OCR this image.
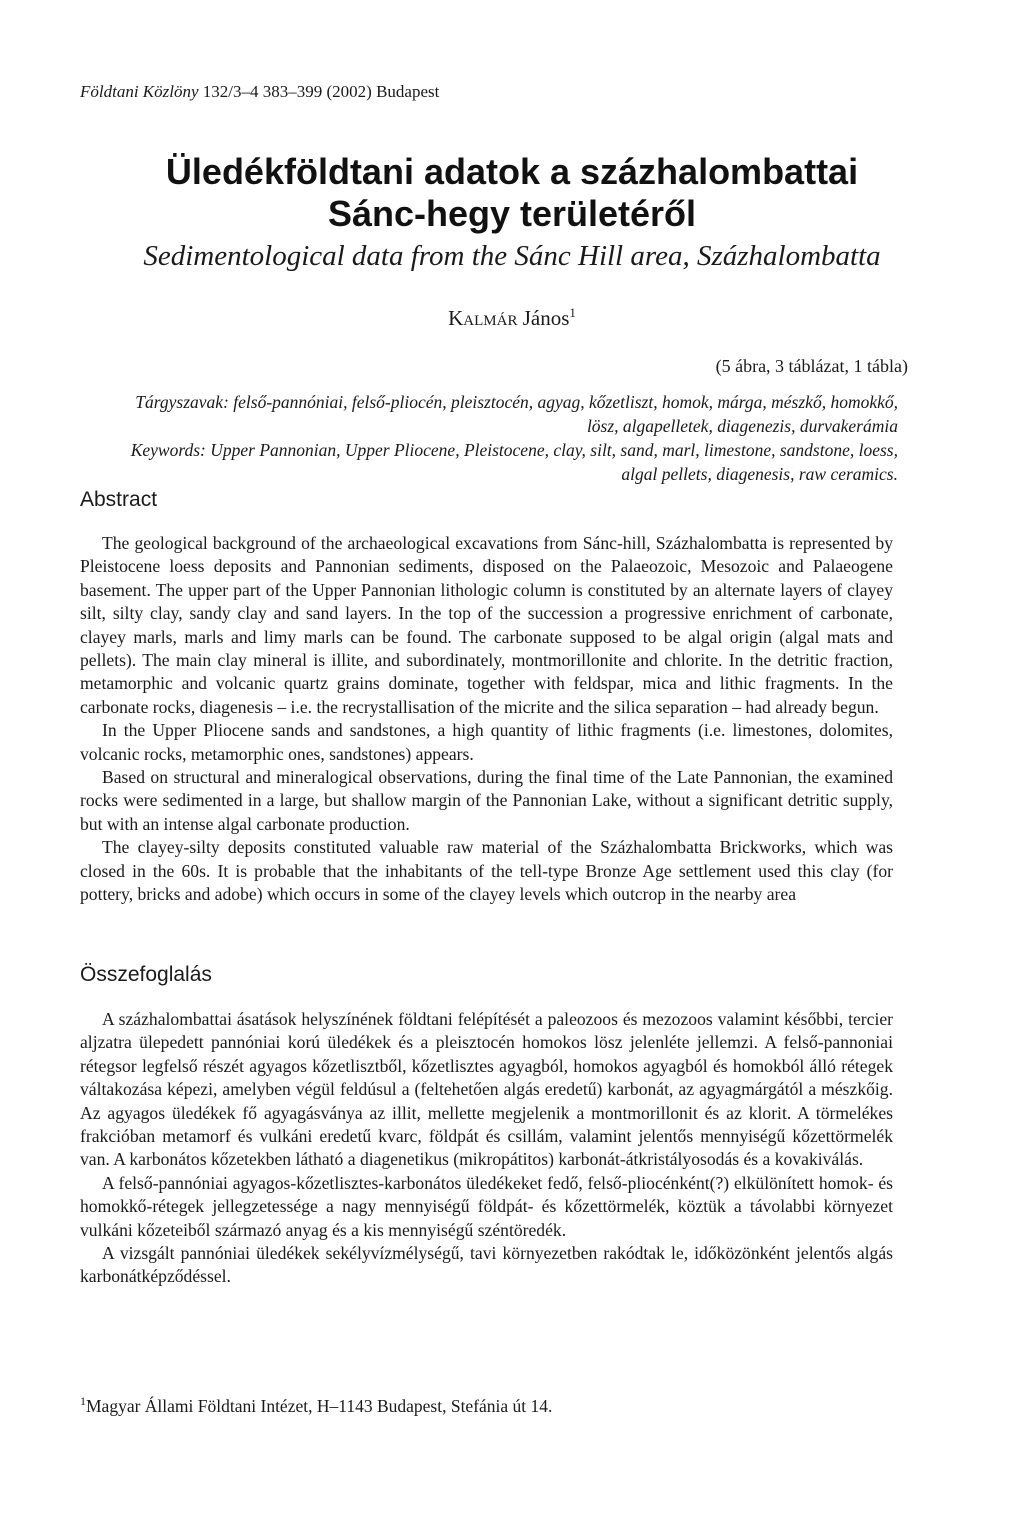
Földtani Közlöny 132/3–4 383–399 (2002) Budapest
Üledékföldtani adatok a százhalombattai
Sánc-hegy területéről
Sedimentological data from the Sánc Hill area, Százhalombatta
Kalmár János$^1$
(5 ábra, 3 táblázat, 1 tábla)
Tárgyszavak: felső-pannóniai, felső-pliocén, pleisztocén, agyag, kőzetliszt, homok, márga, mészkő, homokkő,
lösz, algapelletek, diagenezis, durvakerámia
Keywords: Upper Pannonian, Upper Pliocene, Pleistocene, clay, silt, sand, marl, limestone, sandstone, loess,
algal pellets, diagenesis, raw ceramics.
Abstract

The geological background of the archaeological excavations from Sánc-hill, Százhalombatta is represented by Pleistocene loess deposits and Pannonian sediments, disposed on the Palaeozoic, Mesozoic and Palaeogene basement. The upper part of the Upper Pannonian lithologic column is constituted by an alternate layers of clayey silt, silty clay, sandy clay and sand layers. In the top of the succession a progressive enrichment of carbonate, clayey marls, marls and limy marls can be found. The carbonate supposed to be algal origin (algal mats and pellets). The main clay mineral is illite, and subordinately, montmorillonite and chlorite. In the detritic fraction, metamorphic and volcanic quartz grains dominate, together with feldspar, mica and lithic fragments. In the carbonate rocks, diagenesis – i.e. the recrystallisation of the micrite and the silica separation – had already begun.

In the Upper Pliocene sands and sandstones, a high quantity of lithic fragments (i.e. limestones, dolomites, volcanic rocks, metamorphic ones, sandstones) appears.

Based on structural and mineralogical observations, during the final time of the Late Pannonian, the examined rocks were sedimented in a large, but shallow margin of the Pannonian Lake, without a significant detritic supply, but with an intense algal carbonate production.

The clayey-silty deposits constituted valuable raw material of the Százhalombatta Brickworks, which was closed in the 60s. It is probable that the inhabitants of the tell-type Bronze Age settlement used this clay (for pottery, bricks and adobe) which occurs in some of the clayey levels which outcrop in the nearby area

Összefoglalás

A százhalombattai ásatások helyszínének földtani felépítését a paleozoos és mezozoos valamint későbbi, tercier aljzatra ülepedett pannóniai korú üledékek és a pleisztocén homokos lösz jelenléte jellemzi. A felső-pannoniai rétegsor legfelső részét agyagos kőzetlisztből, kőzetlisztes agyagból, homokos agyagból és homokból álló rétegek váltakozása képezi, amelyben végül feldúsul a (feltehetően algás eredetű) karbonát, az agyagmárgától a mészkőig. Az agyagos üledékek fő agyagásványa az illit, mellette megjelenik a montmorillonit és az klorit. A törmelékes frakcióban metamorf és vulkáni eredetű kvarc, földpát és csillám, valamint jelentős mennyiségű kőzettörmelék van. A karbonátos kőzetekben látható a diagenetikus (mikropátitos) karbonát-átkristályosodás és a kovakiválás.

A felső-pannóniai agyagos-kőzetlisztes-karbonátos üledékeket fedő, felső-pliocénként(?) elkülönített homok- és homokkő-rétegek jellegzetessége a nagy mennyiségű földpát- és kőzettörmelék, köztük a távolabbi környezet vulkáni kőzeteiből származó anyag és a kis mennyiségű széntöredék.

A vizsgált pannóniai üledékek sekélyvízmélységű, tavi környezetben rakódtak le, időközönként jelentős algás karbonátképződéssel.

$^1$Magyar Állami Földtani Intézet, H–1143 Budapest, Stefánia út 14.
